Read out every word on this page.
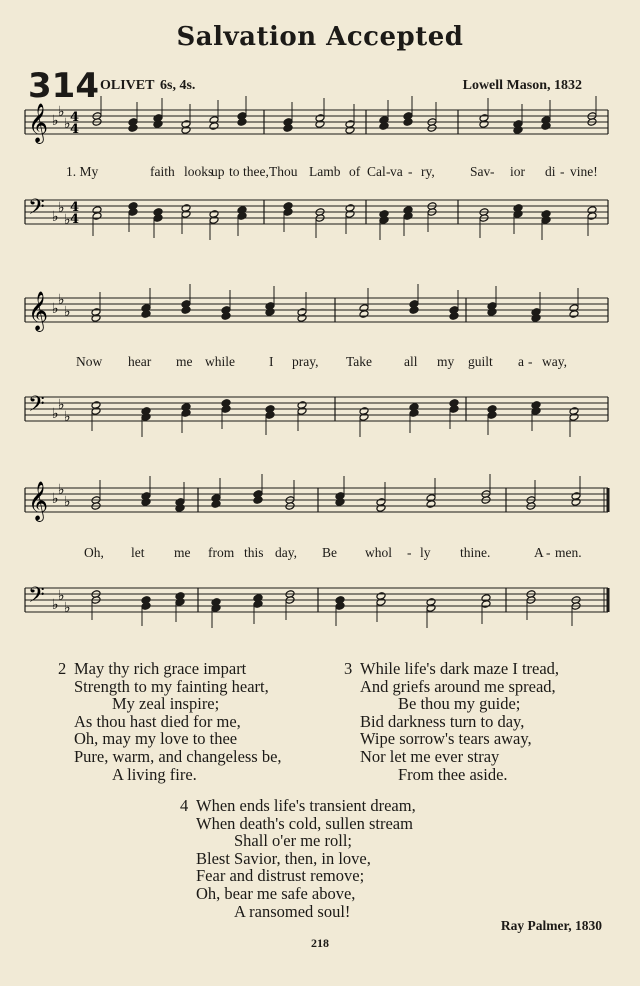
Salvation Accepted
314 OLIVET 6s, 4s.	Lowell Mason, 1832
𝄞 ♭
♭
♭ 4
4
𝄢 ♭
♭
♭
4
4
𝄞 ♭
♭
♭
𝄢 ♭
♭
♭
𝄞 ♭
♭
♭
𝄢 ♭
♭
♭
1. My	faith looks
up to thee, Thou Lamb of Cal - va - ry,	Sav - ior di - vine!
Now hear me while	I pray, Take all my guilt a - way,
Oh, let me from this day, Be whol - ly thine.	A - men.
2 May thy rich grace impart
Strength to my fainting heart,
My zeal inspire;
As thou hast died for me,
Oh, may my love to thee
Pure, warm, and changeless be,
A living fire.
3 While life's dark maze I tread,
And griefs around me spread,
Be thou my guide;
Bid darkness turn to day,
Wipe sorrow's tears away,
Nor let me ever stray
From thee aside.
4 When ends life's transient dream,
When death's cold, sullen stream
Shall o'er me roll;
Blest Savior, then, in love,
Fear and distrust remove;
Oh, bear me safe above,
A ransomed soul!
Ray Palmer, 1830
218
